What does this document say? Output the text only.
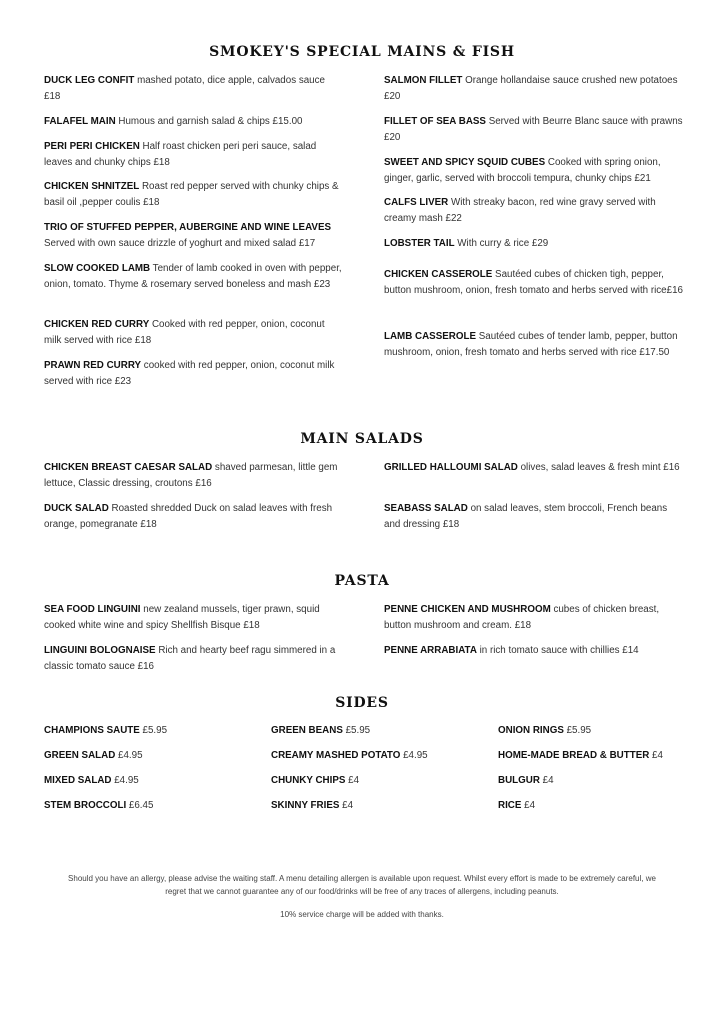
SMOKEY'S SPECIAL MAINS & FISH
DUCK LEG CONFIT mashed potato, dice apple, calvados sauce £18
FALAFEL MAIN Humous and garnish salad & chips £15.00
PERI PERI CHICKEN Half roast chicken peri peri sauce, salad leaves and chunky chips £18
CHICKEN SHNITZEL Roast red pepper served with chunky chips & basil oil ,pepper coulis £18
TRIO OF STUFFED PEPPER, AUBERGINE AND WINE LEAVES Served with own sauce drizzle of yoghurt and mixed salad £17
SLOW COOKED LAMB Tender of lamb cooked in oven with pepper, onion, tomato. Thyme & rosemary served boneless and mash £23
CHICKEN RED CURRY Cooked with red pepper, onion, coconut milk served with rice £18
PRAWN RED CURRY cooked with red pepper, onion, coconut milk served with rice £23
SALMON FILLET Orange hollandaise sauce crushed new potatoes £20
FILLET OF SEA BASS Served with Beurre Blanc sauce with prawns £20
SWEET AND SPICY SQUID CUBES Cooked with spring onion, ginger, garlic, served with broccoli tempura, chunky chips £21
CALFS LIVER With streaky bacon, red wine gravy served with creamy mash £22
LOBSTER TAIL With curry & rice £29
CHICKEN CASSEROLE Sautéed cubes of chicken tigh, pepper, button mushroom, onion, fresh tomato and herbs served with rice£16
LAMB CASSEROLE Sautéed cubes of tender lamb, pepper, button mushroom, onion, fresh tomato and herbs served with rice £17.50
MAIN SALADS
CHICKEN BREAST CAESAR SALAD shaved parmesan, little gem lettuce, Classic dressing, croutons £16
DUCK SALAD Roasted shredded Duck on salad leaves with fresh orange, pomegranate £18
GRILLED HALLOUMI SALAD olives, salad leaves & fresh mint £16
SEABASS SALAD on salad leaves, stem broccoli, French beans and dressing £18
PASTA
SEA FOOD LINGUINI new zealand mussels, tiger prawn, squid cooked white wine and spicy Shellfish Bisque £18
LINGUINI BOLOGNAISE Rich and hearty beef ragu simmered in a classic tomato sauce £16
PENNE CHICKEN AND MUSHROOM cubes of chicken breast, button mushroom and cream. £18
PENNE ARRABIATA in rich tomato sauce with chillies £14
SIDES
CHAMPIONS SAUTE £5.95
GREEN SALAD £4.95
MIXED SALAD £4.95
STEM BROCCOLI £6.45
GREEN BEANS £5.95
CREAMY MASHED POTATO £4.95
CHUNKY CHIPS £4
SKINNY FRIES £4
ONION RINGS £5.95
HOME-MADE BREAD & BUTTER £4
BULGUR £4
RICE £4

Should you have an allergy, please advise the waiting staff. A menu detailing allergen is available upon request. Whilst every effort is made to be extremely careful, we regret that we cannot guarantee any of our food/drinks will be free of any traces of allergens, including peanuts.

10% service charge will be added with thanks.
